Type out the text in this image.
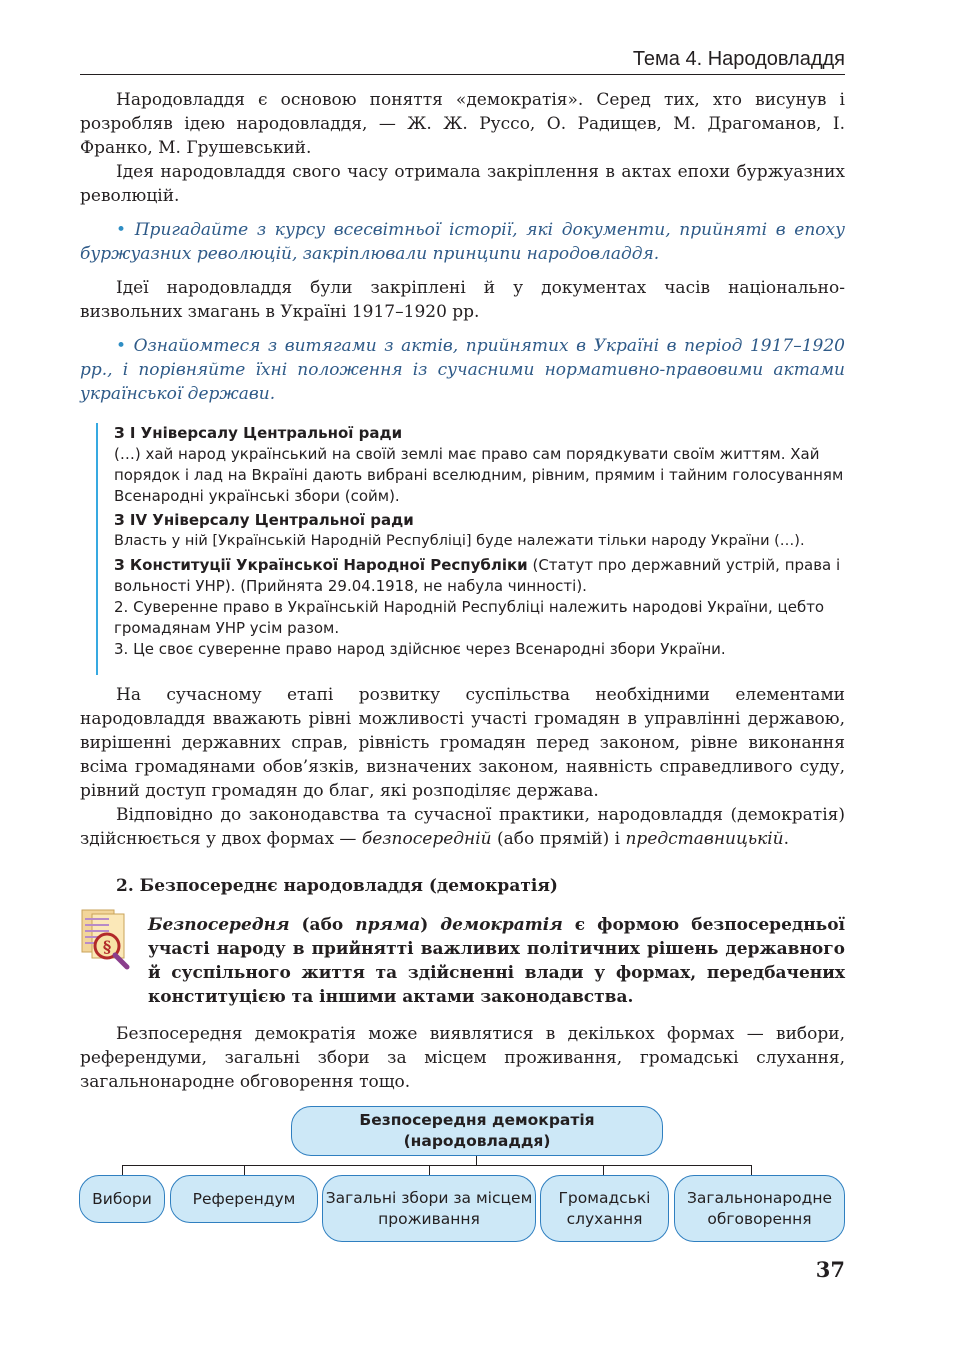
Тема 4. Народовладдя

Народовладдя є основою поняття «демократія». Серед тих, хто висунув і розробляв ідею народовладдя, — Ж. Ж. Руссо, О. Радищев, М. Драгоманов, І. Франко, М. Грушевський.

Ідея народовладдя свого часу отримала закріплення в актах епохи буржуазних революцій.

• Пригадайте з курсу всесвітньої історії, які документи, прийняті в епоху буржуазних революцій, закріплювали принципи народовладдя.

Ідеї народовладдя були закріплені й у документах часів національно-визвольних змагань в Україні 1917–1920 рр.

• Ознайомтеся з витягами з актів, прийнятих в Україні в період 1917–1920 рр., і порівняйте їхні положення із сучасними нормативно-правовими актами української держави.

З І Універсалу Центральної ради
(…) хай народ український на своїй землі має право сам порядкувати своїм життям. Хай порядок і лад на Вкраїні дають вибрані вселюдним, рівним, прямим і тайним голосуванням Всенародні українські збори (сойм).
З IV Універсалу Центральної ради
Власть у ній [Українській Народній Республіці] буде належати тільки народу України (…).
З Конституції Української Народної Республіки (Статут про державний устрій, права і вольності УНР). (Прийнята 29.04.1918, не набула чинності).
2. Суверенне право в Українській Народній Республіці належить народові України, цебто громадянам УНР усім разом.
3. Це своє суверенне право народ здійснює через Всенародні збори України.

На сучасному етапі розвитку суспільства необхідними елементами народовладдя вважають рівні можливості участі громадян в управлінні державою, вирішенні державних справ, рівність громадян перед законом, рівне виконання всіма громадянами обов’язків, визначених законом, наявність справедливого суду, рівний доступ громадян до благ, які розподіляє держава.

Відповідно до законодавства та сучасної практики, народовладдя (демократія) здійснюється у двох формах — безпосередній (або прямій) і представницькій.

2. Безпосереднє народовладдя (демократія)
§
Безпосередня (або пряма) демократія є формою безпосередньої участі народу в прийнятті важливих політичних рішень державного й суспільного життя та здійсненні влади у формах, передбачених конституцією та іншими актами законодавства.

Безпосередня демократія може виявлятися в декількох формах — вибори, референдуми, загальні збори за місцем проживання, громадські слухання, загальнонародне обговорення тощо.

Безпосередня демократія (народовладдя)
Вибори	Референдум	Загальні збори за місцем проживання
Громадські слухання
Загальнонародне обговорення
37
